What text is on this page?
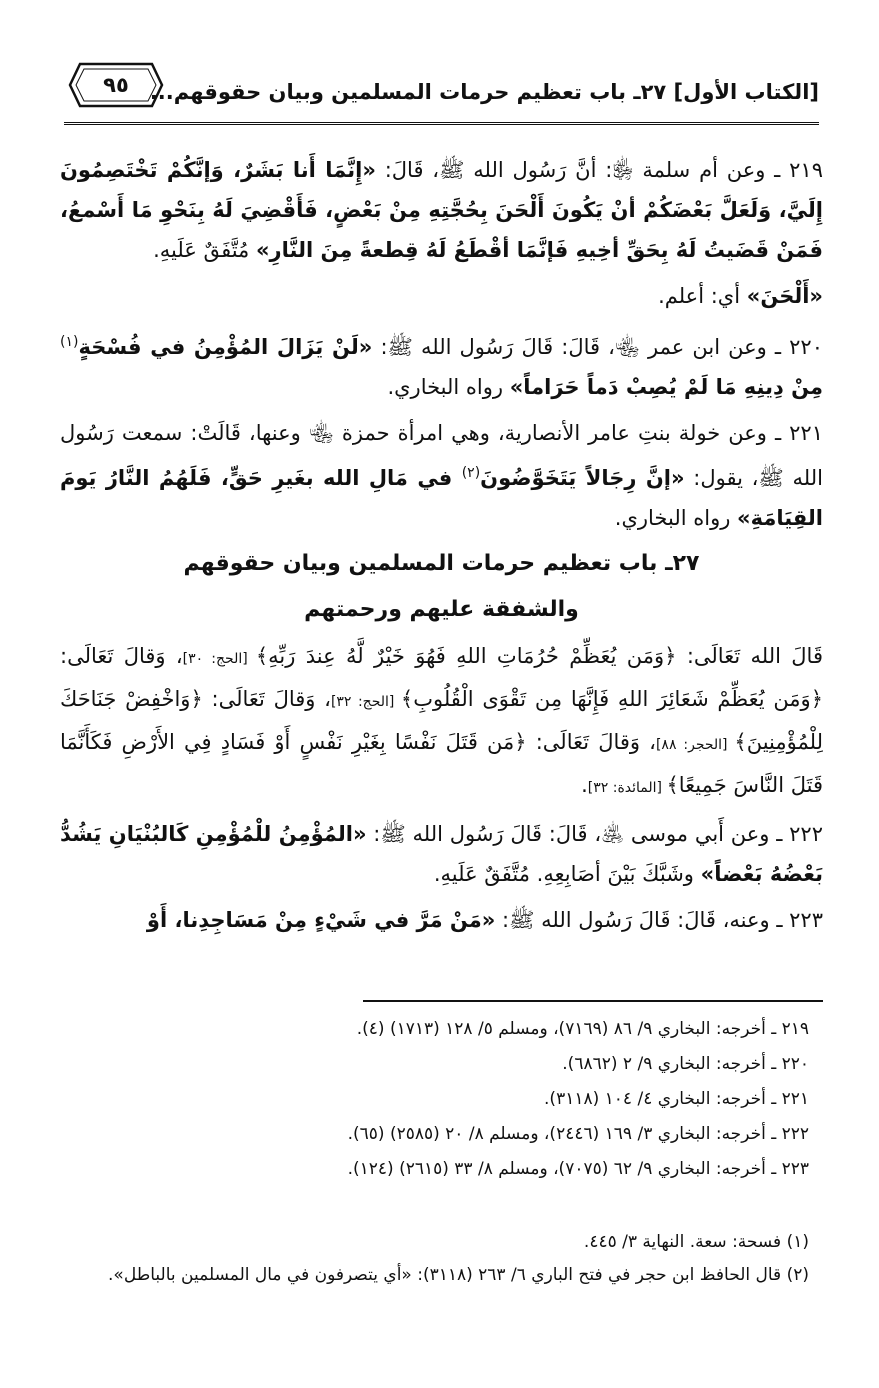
[الكتاب الأول] ٢٧ـ باب تعظيم حرمات المسلمين وبيان حقوقهم...
٩٥

٢١٩ ـ وعن أم سلمة ﵂: أنَّ رَسُول الله ﷺ، قَالَ: «إِنَّمَا أَنا بَشَرٌ، وَإنَّكُمْ تَخْتَصِمُونَ إِلَيَّ، وَلَعَلَّ بَعْضَكُمْ أنْ يَكُونَ أَلْحَنَ بِحُجَّتِهِ مِنْ بَعْضٍ، فَأَقْضِيَ لَهُ بِنَحْوِ مَا أَسْمعُ، فَمَنْ قَضَيتُ لَهُ بِحَقِّ أخِيهِ فَإنَّمَا أقْطَعُ لَهُ قِطعةً مِنَ النَّارِ» مُتَّفَقٌ عَلَيهِ.

«أَلْحَنَ» أي: أعلم.

٢٢٠ ـ وعن ابن عمر ﵄، قَالَ: قَالَ رَسُول الله ﷺ: «لَنْ يَزَالَ المُؤْمِنُ في فُسْحَةٍ$^{(١)}$ مِنْ دِينِهِ مَا لَمْ يُصِبْ دَماً حَرَاماً» رواه البخاري.

٢٢١ ـ وعن خولة بنتِ عامر الأنصارية، وهي امرأة حمزة ﵄ وعنها، قَالَتْ: سمعت رَسُول الله ﷺ، يقول: «إنَّ رِجَالاً يَتَخَوَّضُونَ$^{(٢)}$ في مَالِ الله بغَيرِ حَقٍّ، فَلَهُمُ النَّارُ يَومَ القِيَامَةِ» رواه البخاري.

٢٧ـ باب تعظيم حرمات المسلمين وبيان حقوقهم
والشفقة عليهم ورحمتهم

قَالَ الله تَعَالَى: ﴿وَمَن يُعَظِّمْ حُرُمَاتِ اللهِ فَهُوَ خَيْرٌ لَّهُ عِندَ رَبِّهِ﴾ [الحج: ٣٠]، وَقالَ تَعَالَى: ﴿وَمَن يُعَظِّمْ شَعَائِرَ اللهِ فَإِنَّهَا مِن تَقْوَى الْقُلُوبِ﴾ [الحج: ٣٢]، وَقالَ تَعَالَى: ﴿وَاخْفِضْ جَنَاحَكَ لِلْمُؤْمِنِينَ﴾ [الحجر: ٨٨]، وَقالَ تَعَالَى: ﴿مَن قَتَلَ نَفْسًا بِغَيْرِ نَفْسٍ أَوْ فَسَادٍ فِي الأَرْضِ فَكَأَنَّمَا قَتَلَ النَّاسَ جَمِيعًا﴾ [المائدة: ٣٢].

٢٢٢ ـ وعن أَبي موسى ﵁، قَالَ: قَالَ رَسُول الله ﷺ: «المُؤْمِنُ للْمُؤْمِنِ كَالبُنْيَانِ يَشُدُّ بَعْضُهُ بَعْضاً» وشَبَّكَ بَيْنَ أصَابِعِهِ. مُتَّفَقٌ عَلَيهِ.

٢٢٣ ـ وعنه، قَالَ: قَالَ رَسُول الله ﷺ: «مَنْ مَرَّ في شَيْءٍ مِنْ مَسَاجِدِنا، أَوْ

٢١٩ ـ أخرجه: البخاري ٩/ ٨٦ (٧١٦٩)، ومسلم ٥/ ١٢٨ (١٧١٣) (٤).
٢٢٠ ـ أخرجه: البخاري ٩/ ٢ (٦٨٦٢).
٢٢١ ـ أخرجه: البخاري ٤/ ١٠٤ (٣١١٨).
٢٢٢ ـ أخرجه: البخاري ٣/ ١٦٩ (٢٤٤٦)، ومسلم ٨/ ٢٠ (٢٥٨٥) (٦٥).
٢٢٣ ـ أخرجه: البخاري ٩/ ٦٢ (٧٠٧٥)، ومسلم ٨/ ٣٣ (٢٦١٥) (١٢٤).
(١) فسحة: سعة. النهاية ٣/ ٤٤٥.
(٢) قال الحافظ ابن حجر في فتح الباري ٦/ ٢٦٣ (٣١١٨): «أي يتصرفون في مال المسلمين بالباطل».
